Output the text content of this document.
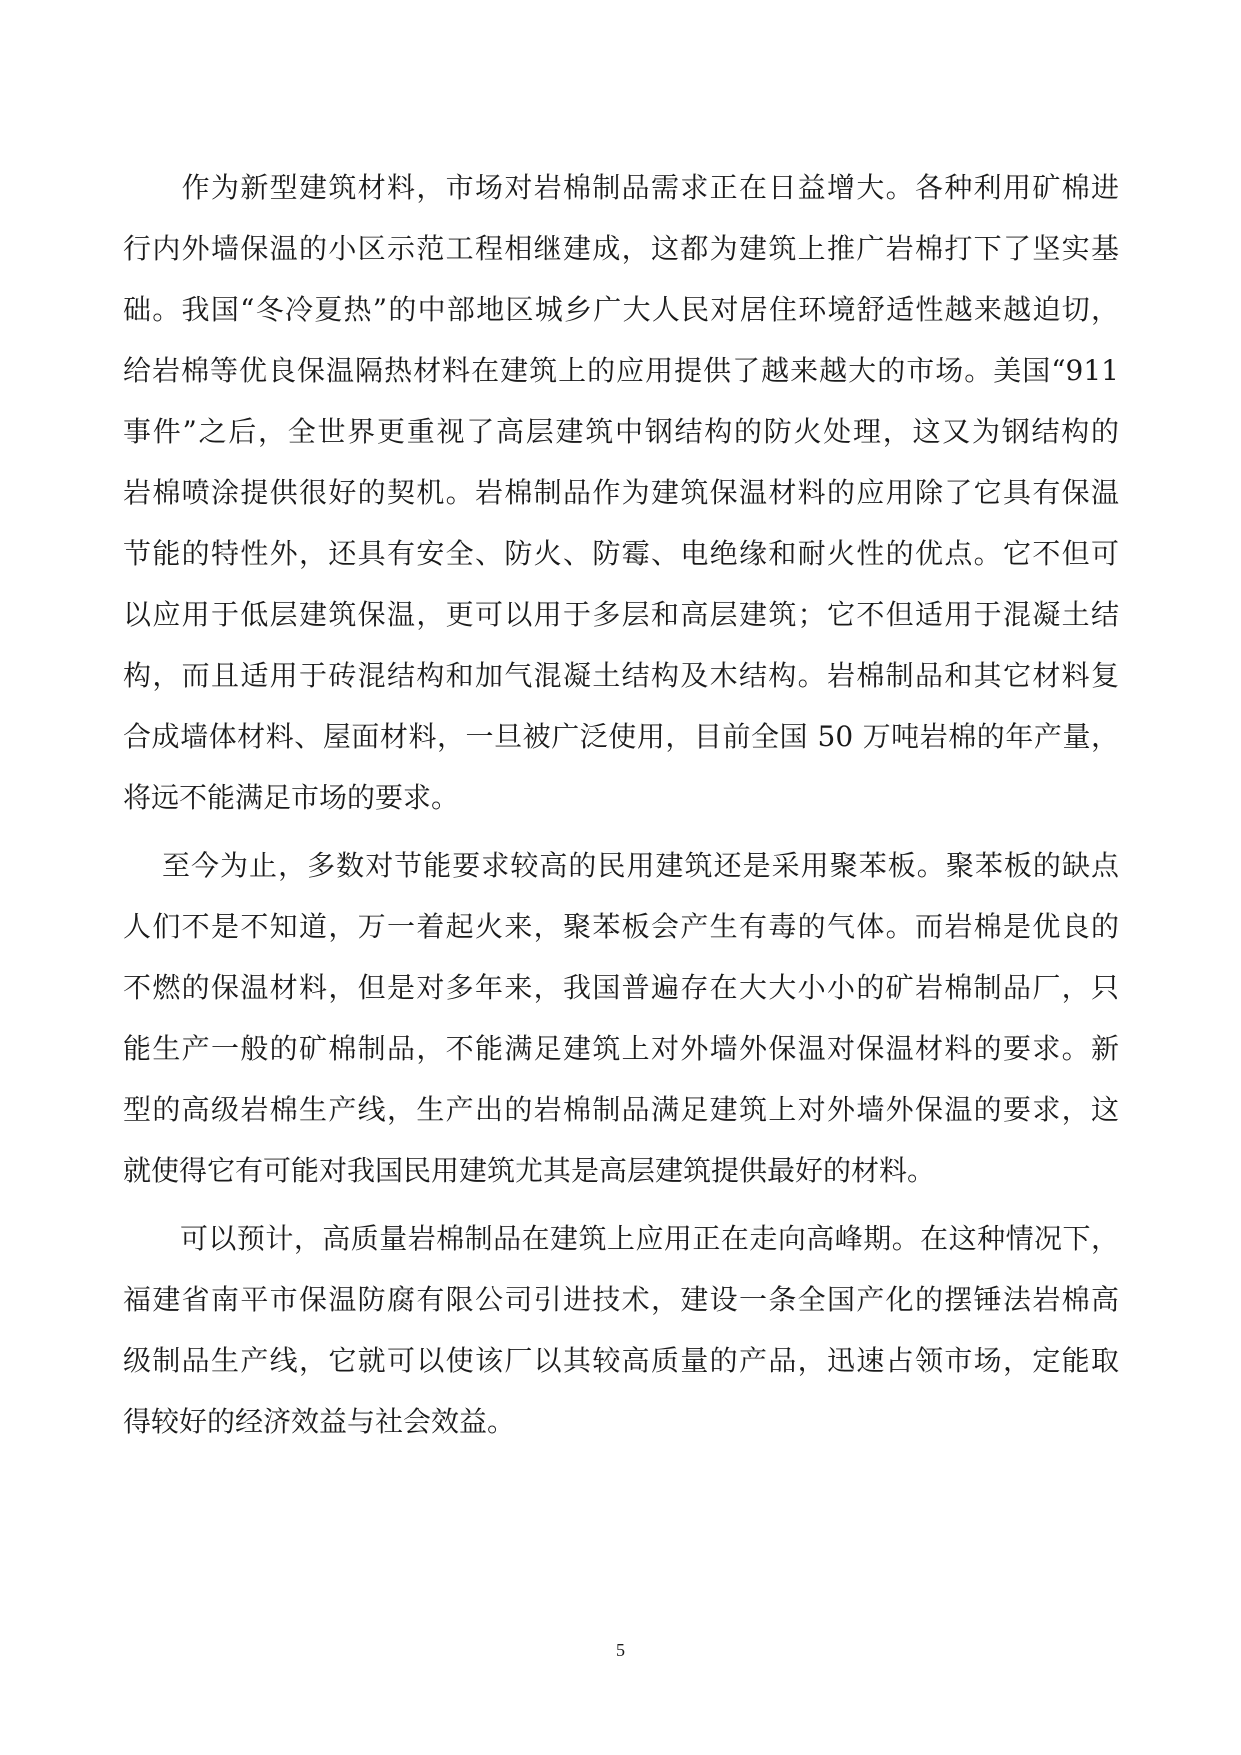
　　作为新型建筑材料，市场对岩棉制品需求正在日益增大。各种利用矿棉进
行内外墙保温的小区示范工程相继建成，这都为建筑上推广岩棉打下了坚实基
础。我国“冬冷夏热”的中部地区城乡广大人民对居住环境舒适性越来越迫切，
给岩棉等优良保温隔热材料在建筑上的应用提供了越来越大的市场。美国“911
事件”之后，全世界更重视了高层建筑中钢结构的防火处理，这又为钢结构的
岩棉喷涂提供很好的契机。岩棉制品作为建筑保温材料的应用除了它具有保温
节能的特性外，还具有安全、防火、防霉、电绝缘和耐火性的优点。它不但可
以应用于低层建筑保温，更可以用于多层和高层建筑；它不但适用于混凝土结
构，而且适用于砖混结构和加气混凝土结构及木结构。岩棉制品和其它材料复
合成墙体材料、屋面材料，一旦被广泛使用，目前全国 50 万吨岩棉的年产量，
将远不能满足市场的要求。
　 至今为止，多数对节能要求较高的民用建筑还是采用聚苯板。聚苯板的缺点
人们不是不知道，万一着起火来，聚苯板会产生有毒的气体。而岩棉是优良的
不燃的保温材料，但是对多年来，我国普遍存在大大小小的矿岩棉制品厂，只
能生产一般的矿棉制品，不能满足建筑上对外墙外保温对保温材料的要求。新
型的高级岩棉生产线，生产出的岩棉制品满足建筑上对外墙外保温的要求，这
就使得它有可能对我国民用建筑尤其是高层建筑提供最好的材料。
　　可以预计，高质量岩棉制品在建筑上应用正在走向高峰期。在这种情况下，
福建省南平市保温防腐有限公司引进技术，建设一条全国产化的摆锤法岩棉高
级制品生产线，它就可以使该厂以其较高质量的产品，迅速占领市场，定能取
得较好的经济效益与社会效益。
5
